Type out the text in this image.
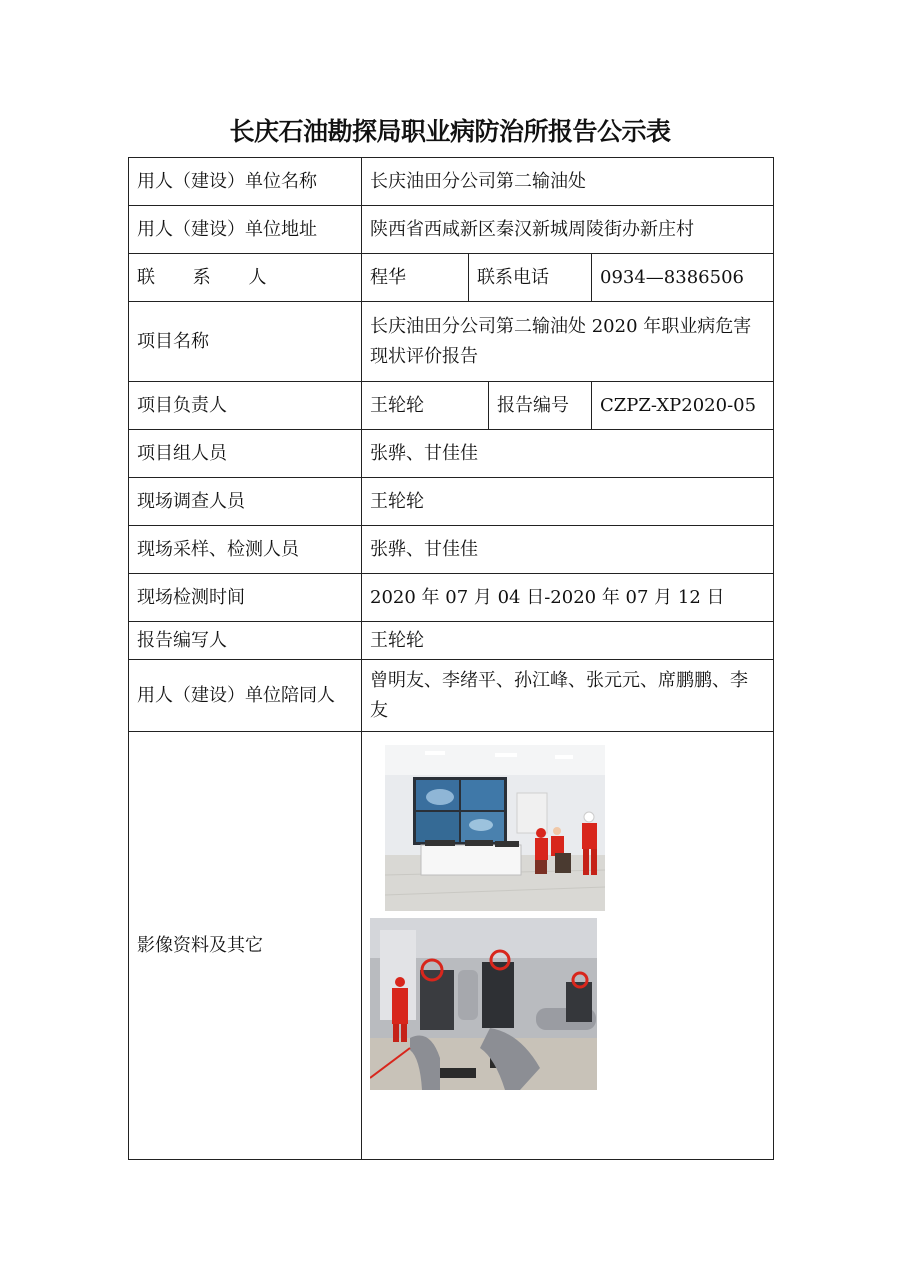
长庆石油勘探局职业病防治所报告公示表
用人（建设）单位名称	长庆油田分公司第二输油处			
用人（建设）单位地址	陕西省西咸新区秦汉新城周陵街办新庄村			
联 系 人	程华	联系电话		0934—8386506
项目名称	长庆油田分公司第二输油处 2020 年职业病危害现状评价报告			
项目负责人	王轮轮		报告编号	CZPZ-XP2020-05
项目组人员	张骅、甘佳佳			
现场调查人员	王轮轮			
现场采样、检测人员	张骅、甘佳佳			
现场检测时间	2020 年 07 月 04 日-2020 年 07 月 12 日			
报告编写人	王轮轮			
用人（建设）单位陪同人	曾明友、李绪平、孙江峰、张元元、席鹏鹏、李友			
影像资料及其它	
